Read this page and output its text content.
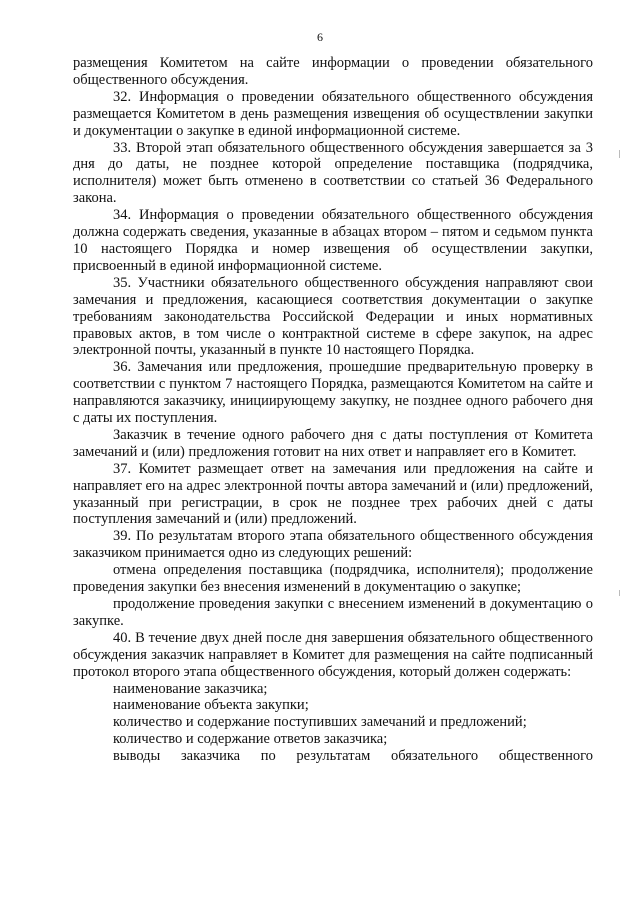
6

размещения Комитетом на сайте информации о проведении обязательного общественного обсуждения.

32. Информация о проведении обязательного общественного обсуждения размещается Комитетом в день размещения извещения об осуществлении закупки и документации о закупке в единой информационной системе.

33. Второй этап обязательного общественного обсуждения завершается за 3 дня до даты, не позднее которой определение поставщика (подрядчика, исполнителя) может быть отменено в соответствии со статьей 36 Федерального закона.

34. Информация о проведении обязательного общественного обсуждения должна содержать сведения, указанные в абзацах втором – пятом и седьмом пункта 10 настоящего Порядка и номер извещения об осуществлении закупки, присвоенный в единой информационной системе.

35. Участники обязательного общественного обсуждения направляют свои замечания и предложения, касающиеся соответствия документации о закупке требованиям законодательства Российской Федерации и иных нормативных правовых актов, в том числе о контрактной системе в сфере закупок, на адрес электронной почты, указанный в пункте 10 настоящего Порядка.

36. Замечания или предложения, прошедшие предварительную проверку в соответствии с пунктом 7 настоящего Порядка, размещаются Комитетом на сайте и направляются заказчику, инициирующему закупку, не позднее одного рабочего дня с даты их поступления.

Заказчик в течение одного рабочего дня с даты поступления от Комитета замечаний и (или) предложения готовит на них ответ и направляет его в Комитет.

37. Комитет размещает ответ на замечания или предложения на сайте и направляет его на адрес электронной почты автора замечаний и (или) предложений, указанный при регистрации, в срок не позднее трех рабочих дней с даты поступления замечаний и (или) предложений.

39. По результатам второго этапа обязательного общественного обсуждения заказчиком принимается одно из следующих решений:

отмена определения поставщика (подрядчика, исполнителя); продолжение проведения закупки без внесения изменений в документацию о закупке;

продолжение проведения закупки с внесением изменений в документацию о закупке.

40. В течение двух дней после дня завершения обязательного общественного обсуждения заказчик направляет в Комитет для размещения на сайте подписанный протокол второго этапа общественного обсуждения, который должен содержать:

наименование заказчика;

наименование объекта закупки;

количество и содержание поступивших замечаний и предложений;

количество и содержание ответов заказчика;

выводы заказчика по результатам обязательного общественного
